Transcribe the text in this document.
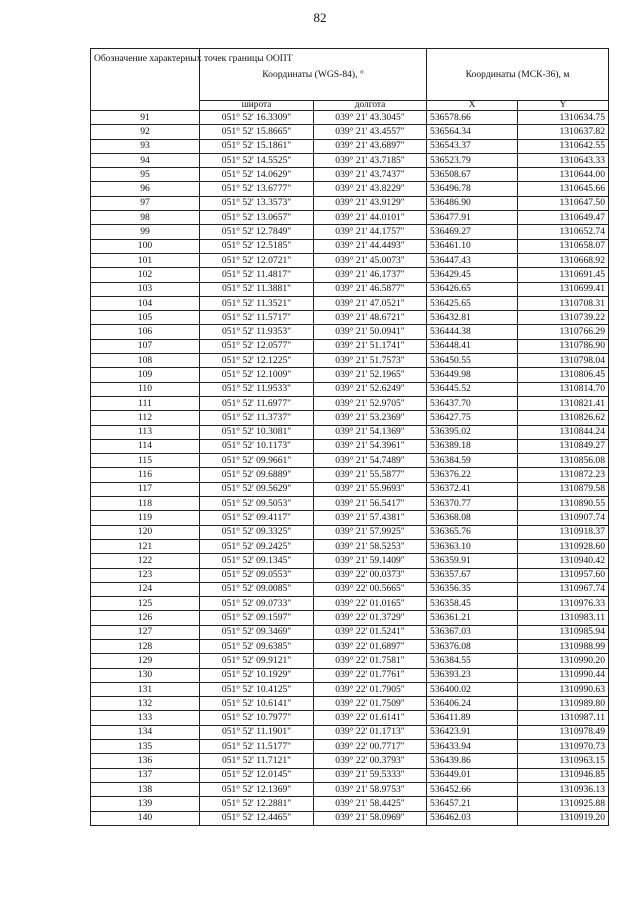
82
Обозначение характерных точек границы ООПТ	Координаты (WGS-84), °		Координаты (МСК-36), м	
	широта	долгота	X	Y
91	051° 52' 16.3309"	039° 21' 43.3045"	536578.66	1310634.75
92	051° 52' 15.8665"	039° 21' 43.4557"	536564.34	1310637.82
93	051° 52' 15.1861"	039° 21' 43.6897"	536543.37	1310642.55
94	051° 52' 14.5525"	039° 21' 43.7185"	536523.79	1310643.33
95	051° 52' 14.0629"	039° 21' 43.7437"	536508.67	1310644.00
96	051° 52' 13.6777"	039° 21' 43.8229"	536496.78	1310645.66
97	051° 52' 13.3573"	039° 21' 43.9129"	536486.90	1310647.50
98	051° 52' 13.0657"	039° 21' 44.0101"	536477.91	1310649.47
99	051° 52' 12.7849"	039° 21' 44.1757"	536469.27	1310652.74
100	051° 52' 12.5185"	039° 21' 44.4493"	536461.10	1310658.07
101	051° 52' 12.0721"	039° 21' 45.0073"	536447.43	1310668.92
102	051° 52' 11.4817"	039° 21' 46.1737"	536429.45	1310691.45
103	051° 52' 11.3881"	039° 21' 46.5877"	536426.65	1310699.41
104	051° 52' 11.3521"	039° 21' 47.0521"	536425.65	1310708.31
105	051° 52' 11.5717"	039° 21' 48.6721"	536432.81	1310739.22
106	051° 52' 11.9353"	039° 21' 50.0941"	536444.38	1310766.29
107	051° 52' 12.0577"	039° 21' 51.1741"	536448.41	1310786.90
108	051° 52' 12.1225"	039° 21' 51.7573"	536450.55	1310798.04
109	051° 52' 12.1009"	039° 21' 52.1965"	536449.98	1310806.45
110	051° 52' 11.9533"	039° 21' 52.6249"	536445.52	1310814.70
111	051° 52' 11.6977"	039° 21' 52.9705"	536437.70	1310821.41
112	051° 52' 11.3737"	039° 21' 53.2369"	536427.75	1310826.62
113	051° 52' 10.3081"	039° 21' 54.1369"	536395.02	1310844.24
114	051° 52' 10.1173"	039° 21' 54.3961"	536389.18	1310849.27
115	051° 52' 09.9661"	039° 21' 54.7489"	536384.59	1310856.08
116	051° 52' 09.6889"	039° 21' 55.5877"	536376.22	1310872.23
117	051° 52' 09.5629"	039° 21' 55.9693"	536372.41	1310879.58
118	051° 52' 09.5053"	039° 21' 56.5417"	536370.77	1310890.55
119	051° 52' 09.4117"	039° 21' 57.4381"	536368.08	1310907.74
120	051° 52' 09.3325"	039° 21' 57.9925"	536365.76	1310918.37
121	051° 52' 09.2425"	039° 21' 58.5253"	536363.10	1310928.60
122	051° 52' 09.1345"	039° 21' 59.1409"	536359.91	1310940.42
123	051° 52' 09.0553"	039° 22' 00.0373"	536357.67	1310957.60
124	051° 52' 09.0085"	039° 22' 00.5665"	536356.35	1310967.74
125	051° 52' 09.0733"	039° 22' 01.0165"	536358.45	1310976.33
126	051° 52' 09.1597"	039° 22' 01.3729"	536361.21	1310983.11
127	051° 52' 09.3469"	039° 22' 01.5241"	536367.03	1310985.94
128	051° 52' 09.6385"	039° 22' 01.6897"	536376.08	1310988.99
129	051° 52' 09.9121"	039° 22' 01.7581"	536384.55	1310990.20
130	051° 52' 10.1929"	039° 22' 01.7761"	536393.23	1310990.44
131	051° 52' 10.4125"	039° 22' 01.7905"	536400.02	1310990.63
132	051° 52' 10.6141"	039° 22' 01.7509"	536406.24	1310989.80
133	051° 52' 10.7977"	039° 22' 01.6141"	536411.89	1310987.11
134	051° 52' 11.1901"	039° 22' 01.1713"	536423.91	1310978.49
135	051° 52' 11.5177"	039° 22' 00.7717"	536433.94	1310970.73
136	051° 52' 11.7121"	039° 22' 00.3793"	536439.86	1310963.15
137	051° 52' 12.0145"	039° 21' 59.5333"	536449.01	1310946.85
138	051° 52' 12.1369"	039° 21' 58.9753"	536452.66	1310936.13
139	051° 52' 12.2881"	039° 21' 58.4425"	536457.21	1310925.88
140	051° 52' 12.4465"	039° 21' 58.0969"	536462.03	1310919.20
